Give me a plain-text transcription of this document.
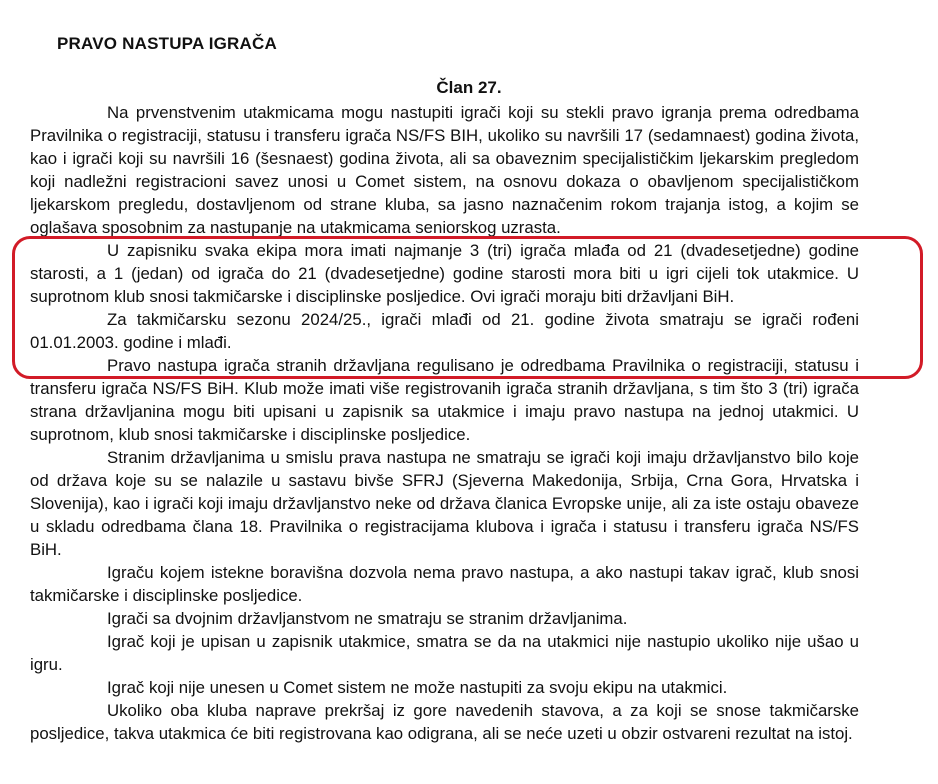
PRAVO NASTUPA IGRAČA
Član 27.

Na prvenstvenim utakmicama mogu nastupiti igrači koji su stekli pravo igranja prema odredbama Pravilnika o registraciji, statusu i transferu igrača NS/FS BIH, ukoliko su navršili 17 (sedamnaest) godina života, kao i igrači koji su navršili 16 (šesnaest) godina života, ali sa obaveznim specijalističkim ljekarskim pregledom koji nadležni registracioni savez unosi u Comet sistem, na osnovu dokaza o obavljenom specijalističkom ljekarskom pregledu, dostavljenom od strane kluba, sa jasno naznačenim rokom trajanja istog, a kojim se oglašava sposobnim za nastupanje na utakmicama seniorskog uzrasta.

U zapisniku svaka ekipa mora imati najmanje 3 (tri) igrača mlađa od 21 (dvadesetjedne) godine starosti, a 1 (jedan) od igrača do 21 (dvadesetjedne) godine starosti mora biti u igri cijeli tok utakmice. U suprotnom klub snosi takmičarske i disciplinske posljedice. Ovi igrači moraju biti državljani BiH.

Za takmičarsku sezonu 2024/25., igrači mlađi od 21. godine života smatraju se igrači rođeni 01.01.2003. godine i mlađi.

Pravo nastupa igrača stranih državljana regulisano je odredbama Pravilnika o registraciji, statusu i transferu igrača NS/FS BiH. Klub može imati više registrovanih igrača stranih državljana, s tim što 3 (tri) igrača strana državljanina mogu biti upisani u zapisnik sa utakmice i imaju pravo nastupa na jednoj utakmici. U suprotnom, klub snosi takmičarske i disciplinske posljedice.

Stranim državljanima u smislu prava nastupa ne smatraju se igrači koji imaju državljanstvo bilo koje od država koje su se nalazile u sastavu bivše SFRJ (Sjeverna Makedonija, Srbija, Crna Gora, Hrvatska i Slovenija), kao i igrači koji imaju državljanstvo neke od država članica Evropske unije, ali za iste ostaju obaveze u skladu odredbama člana 18. Pravilnika o registracijama klubova i igrača i statusu i transferu igrača NS/FS BiH.

Igraču kojem istekne boravišna dozvola nema pravo nastupa, a ako nastupi takav igrač, klub snosi takmičarske i disciplinske posljedice.

Igrači sa dvojnim državljanstvom ne smatraju se stranim državljanima.

Igrač koji je upisan u zapisnik utakmice, smatra se da na utakmici nije nastupio ukoliko nije ušao u igru.

Igrač koji nije unesen u Comet sistem ne može nastupiti za svoju ekipu na utakmici.

Ukoliko oba kluba naprave prekršaj iz gore navedenih stavova, a za koji se snose takmičarske posljedice, takva utakmica će biti registrovana kao odigrana, ali se neće uzeti u obzir ostvareni rezultat na istoj.
